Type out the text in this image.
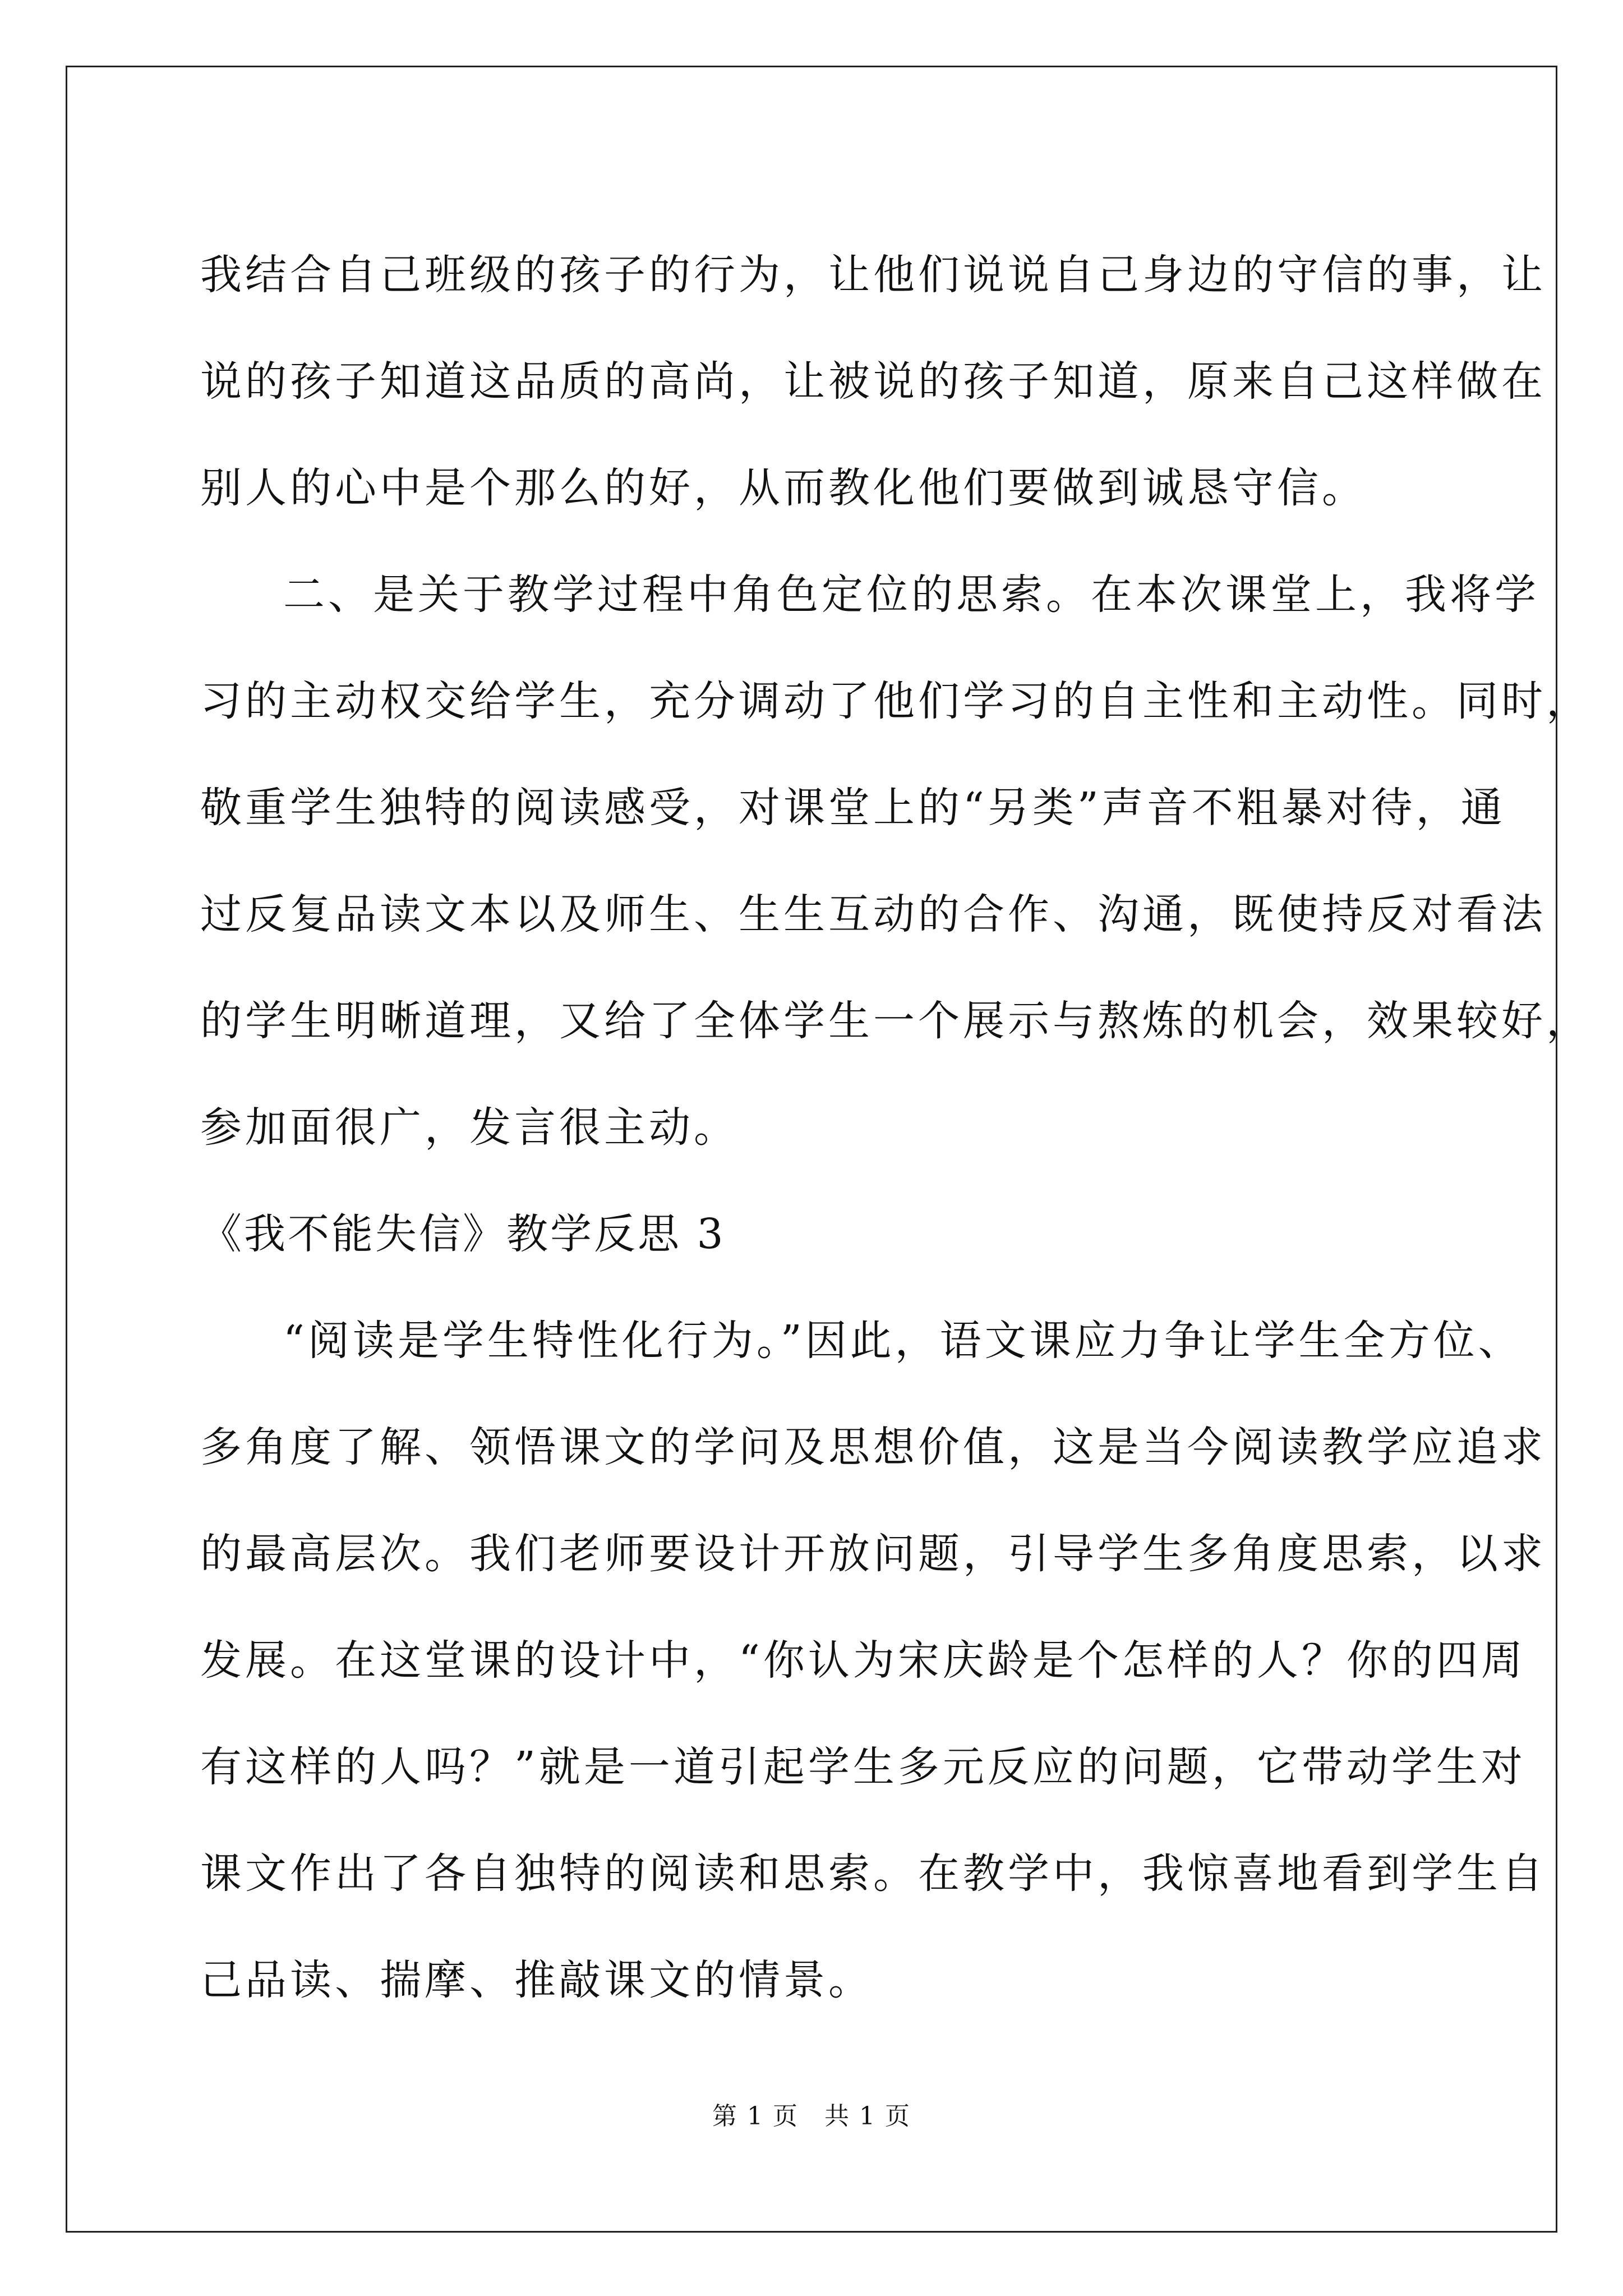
我结合自己班级的孩子的行为，让他们说说自己身边的守信的事，让
说的孩子知道这品质的高尚，让被说的孩子知道，原来自己这样做在
别人的心中是个那么的好，从而教化他们要做到诚恳守信。
二、是关于教学过程中角色定位的思索。在本次课堂上，我将学
习的主动权交给学生，充分调动了他们学习的自主性和主动性。同时，
敬重学生独特的阅读感受，对课堂上的“另类”声音不粗暴对待，通
过反复品读文本以及师生、生生互动的合作、沟通，既使持反对看法
的学生明晰道理，又给了全体学生一个展示与熬炼的机会，效果较好，
参加面很广，发言很主动。
《我不能失信》教学反思 3
“阅读是学生特性化行为。”因此，语文课应力争让学生全方位、
多角度了解、领悟课文的学问及思想价值，这是当今阅读教学应追求
的最高层次。我们老师要设计开放问题，引导学生多角度思索，以求
发展。在这堂课的设计中，“你认为宋庆龄是个怎样的人？你的四周
有这样的人吗？”就是一道引起学生多元反应的问题，它带动学生对
课文作出了各自独特的阅读和思索。在教学中，我惊喜地看到学生自
己品读、揣摩、推敲课文的情景。
第 1 页　共 1 页
